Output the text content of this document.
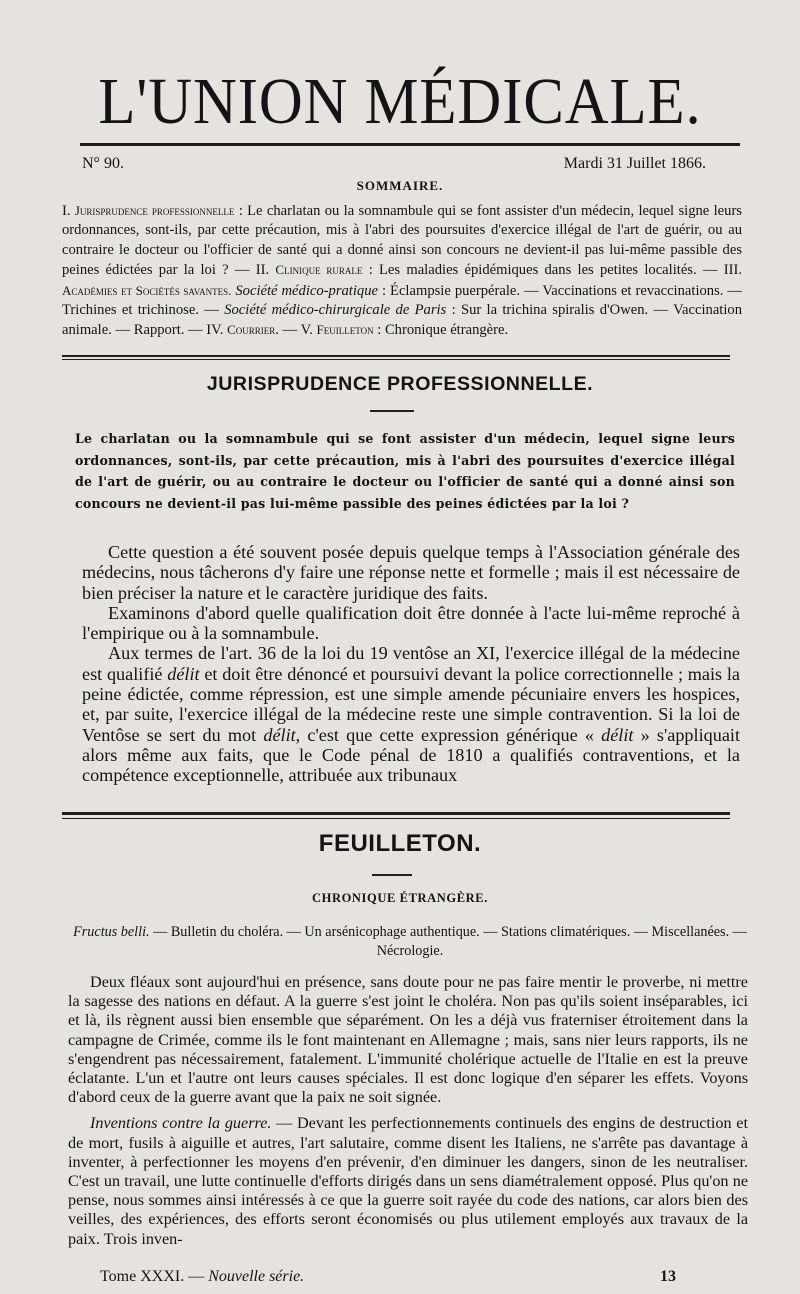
L'UNION MÉDICALE.
N° 90.	Mardi 31 Juillet 1866.
SOMMAIRE.
I. Jurisprudence professionnelle : Le charlatan ou la somnambule qui se font assister d'un médecin, lequel signe leurs ordonnances, sont-ils, par cette précaution, mis à l'abri des poursuites d'exercice illégal de l'art de guérir, ou au contraire le docteur ou l'officier de santé qui a donné ainsi son concours ne devient-il pas lui-même passible des peines édictées par la loi ? — II. Clinique rurale : Les maladies épidémiques dans les petites localités. — III. Académies et Sociétés savantes. Société médico-pratique : Éclampsie puerpérale. — Vaccinations et revaccinations. — Trichines et trichinose. — Société médico-chirurgicale de Paris : Sur la trichina spiralis d'Owen. — Vaccination animale. — Rapport. — IV. Courrier. — V. Feuilleton : Chronique étrangère.
JURISPRUDENCE PROFESSIONNELLE.
Le charlatan ou la somnambule qui se font assister d'un médecin, lequel signe leurs ordonnances, sont-ils, par cette précaution, mis à l'abri des poursuites d'exercice illégal de l'art de guérir, ou au contraire le docteur ou l'officier de santé qui a donné ainsi son concours ne devient-il pas lui-même passible des peines édictées par la loi ?

Cette question a été souvent posée depuis quelque temps à l'Association générale des médecins, nous tâcherons d'y faire une réponse nette et formelle ; mais il est nécessaire de bien préciser la nature et le caractère juridique des faits.

Examinons d'abord quelle qualification doit être donnée à l'acte lui-même reproché à l'empirique ou à la somnambule.

Aux termes de l'art. 36 de la loi du 19 ventôse an XI, l'exercice illégal de la médecine est qualifié délit et doit être dénoncé et poursuivi devant la police correctionnelle ; mais la peine édictée, comme répression, est une simple amende pécuniaire envers les hospices, et, par suite, l'exercice illégal de la médecine reste une simple contravention. Si la loi de Ventôse se sert du mot délit, c'est que cette expression générique « délit » s'appliquait alors même aux faits, que le Code pénal de 1810 a qualifiés contraventions, et la compétence exceptionnelle, attribuée aux tribunaux

FEUILLETON.
CHRONIQUE ÉTRANGÈRE.
Fructus belli. — Bulletin du choléra. — Un arsénicophage authentique. — Stations climatériques. — Miscellanées. — Nécrologie.

Deux fléaux sont aujourd'hui en présence, sans doute pour ne pas faire mentir le proverbe, ni mettre la sagesse des nations en défaut. A la guerre s'est joint le choléra. Non pas qu'ils soient inséparables, ici et là, ils règnent aussi bien ensemble que séparément. On les a déjà vus fraterniser étroitement dans la campagne de Crimée, comme ils le font maintenant en Allemagne ; mais, sans nier leurs rapports, ils ne s'engendrent pas nécessairement, fatalement. L'immunité cholérique actuelle de l'Italie en est la preuve éclatante. L'un et l'autre ont leurs causes spéciales. Il est donc logique d'en séparer les effets. Voyons d'abord ceux de la guerre avant que la paix ne soit signée.

Inventions contre la guerre. — Devant les perfectionnements continuels des engins de destruction et de mort, fusils à aiguille et autres, l'art salutaire, comme disent les Italiens, ne s'arrête pas davantage à inventer, à perfectionner les moyens d'en prévenir, d'en diminuer les dangers, sinon de les neutraliser. C'est un travail, une lutte continuelle d'efforts dirigés dans un sens diamétralement opposé. Plus qu'on ne pense, nous sommes ainsi intéressés à ce que la guerre soit rayée du code des nations, car alors bien des veilles, des expériences, des efforts seront économisés ou plus utilement employés aux travaux de la paix. Trois inven-

Tome XXXI. — Nouvelle série.	13
